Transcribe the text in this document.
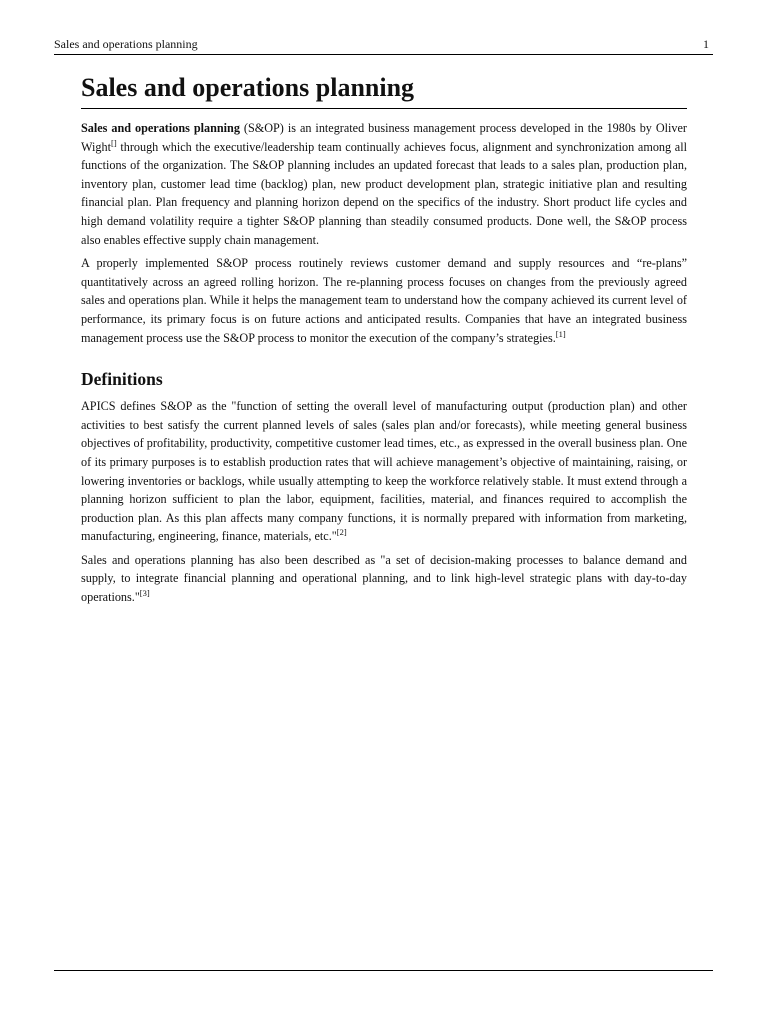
Sales and operations planning	1
Sales and operations planning

Sales and operations planning (S&OP) is an integrated business management process developed in the 1980s by Oliver Wight[] through which the executive/leadership team continually achieves focus, alignment and synchronization among all functions of the organization. The S&OP planning includes an updated forecast that leads to a sales plan, production plan, inventory plan, customer lead time (backlog) plan, new product development plan, strategic initiative plan and resulting financial plan. Plan frequency and planning horizon depend on the specifics of the industry. Short product life cycles and high demand volatility require a tighter S&OP planning than steadily consumed products. Done well, the S&OP process also enables effective supply chain management.

A properly implemented S&OP process routinely reviews customer demand and supply resources and “re-plans” quantitatively across an agreed rolling horizon. The re-planning process focuses on changes from the previously agreed sales and operations plan. While it helps the management team to understand how the company achieved its current level of performance, its primary focus is on future actions and anticipated results. Companies that have an integrated business management process use the S&OP process to monitor the execution of the company’s strategies.[1]

Definitions

APICS defines S&OP as the "function of setting the overall level of manufacturing output (production plan) and other activities to best satisfy the current planned levels of sales (sales plan and/or forecasts), while meeting general business objectives of profitability, productivity, competitive customer lead times, etc., as expressed in the overall business plan. One of its primary purposes is to establish production rates that will achieve management’s objective of maintaining, raising, or lowering inventories or backlogs, while usually attempting to keep the workforce relatively stable. It must extend through a planning horizon sufficient to plan the labor, equipment, facilities, material, and finances required to accomplish the production plan. As this plan affects many company functions, it is normally prepared with information from marketing, manufacturing, engineering, finance, materials, etc."[2]

Sales and operations planning has also been described as "a set of decision-making processes to balance demand and supply, to integrate financial planning and operational planning, and to link high-level strategic plans with day-to-day operations."[3]
